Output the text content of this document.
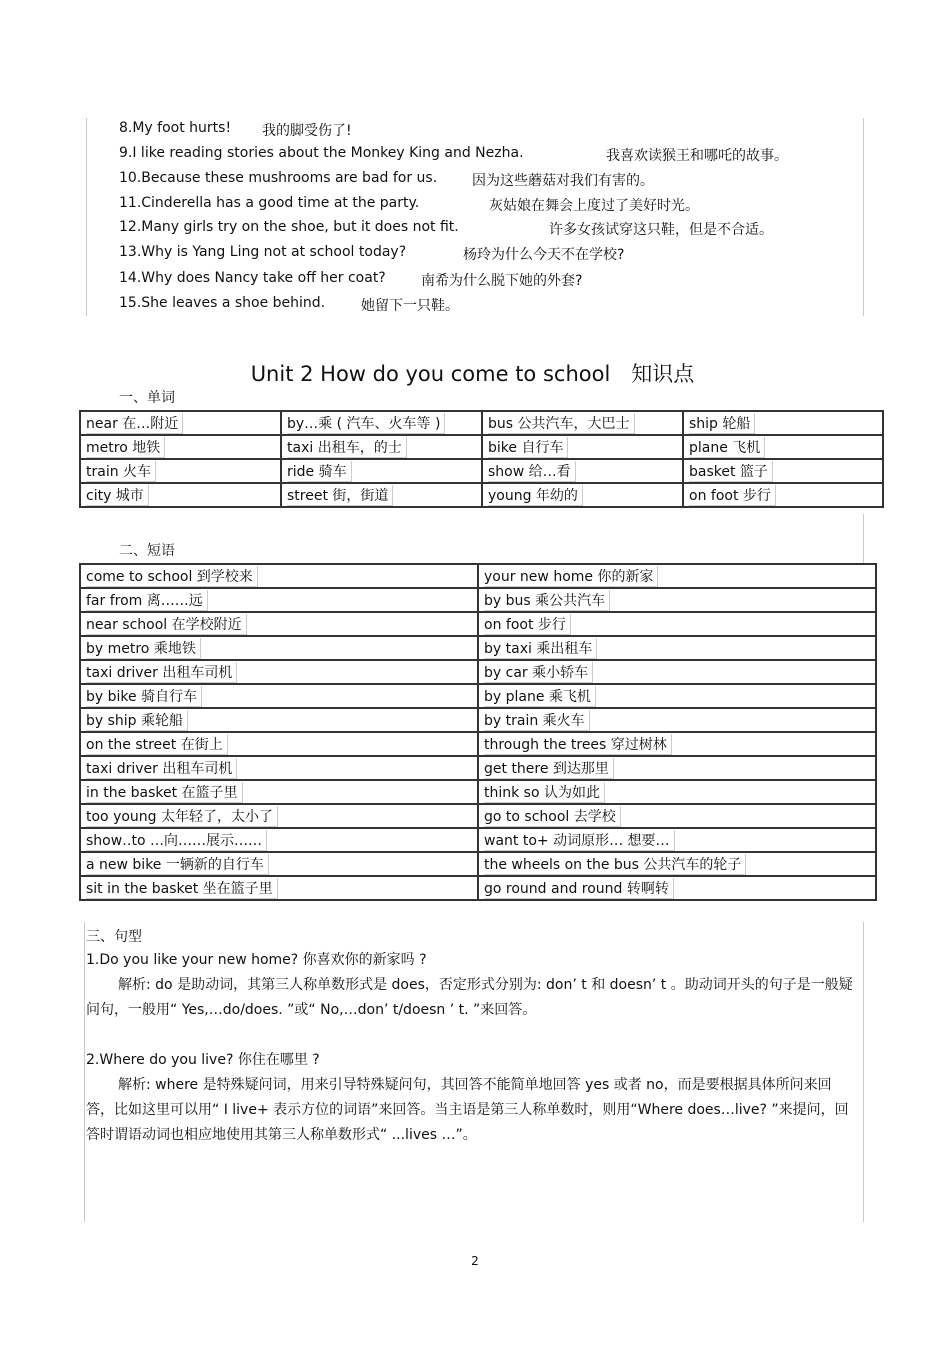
8.My foot hurts! 我的脚受伤了!
9.I like reading stories about the Monkey King and Nezha.	我喜欢读猴王和哪吒的故事。
10.Because these mushrooms are bad for us. 因为这些蘑菇对我们有害的。
11.Cinderella has a good time at the party.	灰姑娘在舞会上度过了美好时光。
12.Many girls try on the shoe, but it does not fit.	许多女孩试穿这只鞋，但是不合适。
13.Why is Yang Ling not at school today?	杨玲为什么今天不在学校?
14.Why does Nancy take off her coat?	南希为什么脱下她的外套?
15.She leaves a shoe behind.	她留下一只鞋。
Unit 2 How do you come to school　知识点
一、单词
near 在…附近	by…乘 ( 汽车、火车等 )	bus 公共汽车，大巴士	ship 轮船
metro 地铁	taxi 出租车，的士	bike 自行车	plane 飞机
train 火车	ride 骑车	show 给…看	basket 篮子
city 城市	street 街，街道	young 年幼的	on foot 步行
二、短语
come to school 到学校来	your new home 你的新家
far from 离……远	by bus 乘公共汽车
near school 在学校附近	on foot 步行
by metro 乘地铁	by taxi 乘出租车
taxi driver 出租车司机	by car 乘小轿车
by bike 骑自行车	by plane 乘飞机
by ship 乘轮船	by train 乘火车
on the street 在街上	through the trees 穿过树林
taxi driver 出租车司机	get there 到达那里
in the basket 在篮子里	think so 认为如此
too young 太年轻了，太小了	go to school 去学校
show‥to …向……展示……	want to+ 动词原形… 想要…
a new bike 一辆新的自行车	the wheels on the bus 公共汽车的轮子
sit in the basket 坐在篮子里	go round and round 转啊转
三、句型
1.Do you like your new home? 你喜欢你的新家吗 ?
解析: do 是助动词，其第三人称单数形式是 does，否定形式分别为: don’ t 和 doesn’ t 。助动词开头的句子是一般疑问句，一般用“ Yes,…do/does. ”或“ No,…don’ t/doesn ’ t. ”来回答。
2.Where do you live? 你住在哪里 ?
解析: where 是特殊疑问词，用来引导特殊疑问句，其回答不能简单地回答 yes 或者 no，而是要根据具体所问来回答，比如这里可以用“ I live+ 表示方位的词语”来回答。当主语是第三人称单数时，则用“Where does…live? ”来提问，回答时谓语动词也相应地使用其第三人称单数形式“ ...lives …”。
2
